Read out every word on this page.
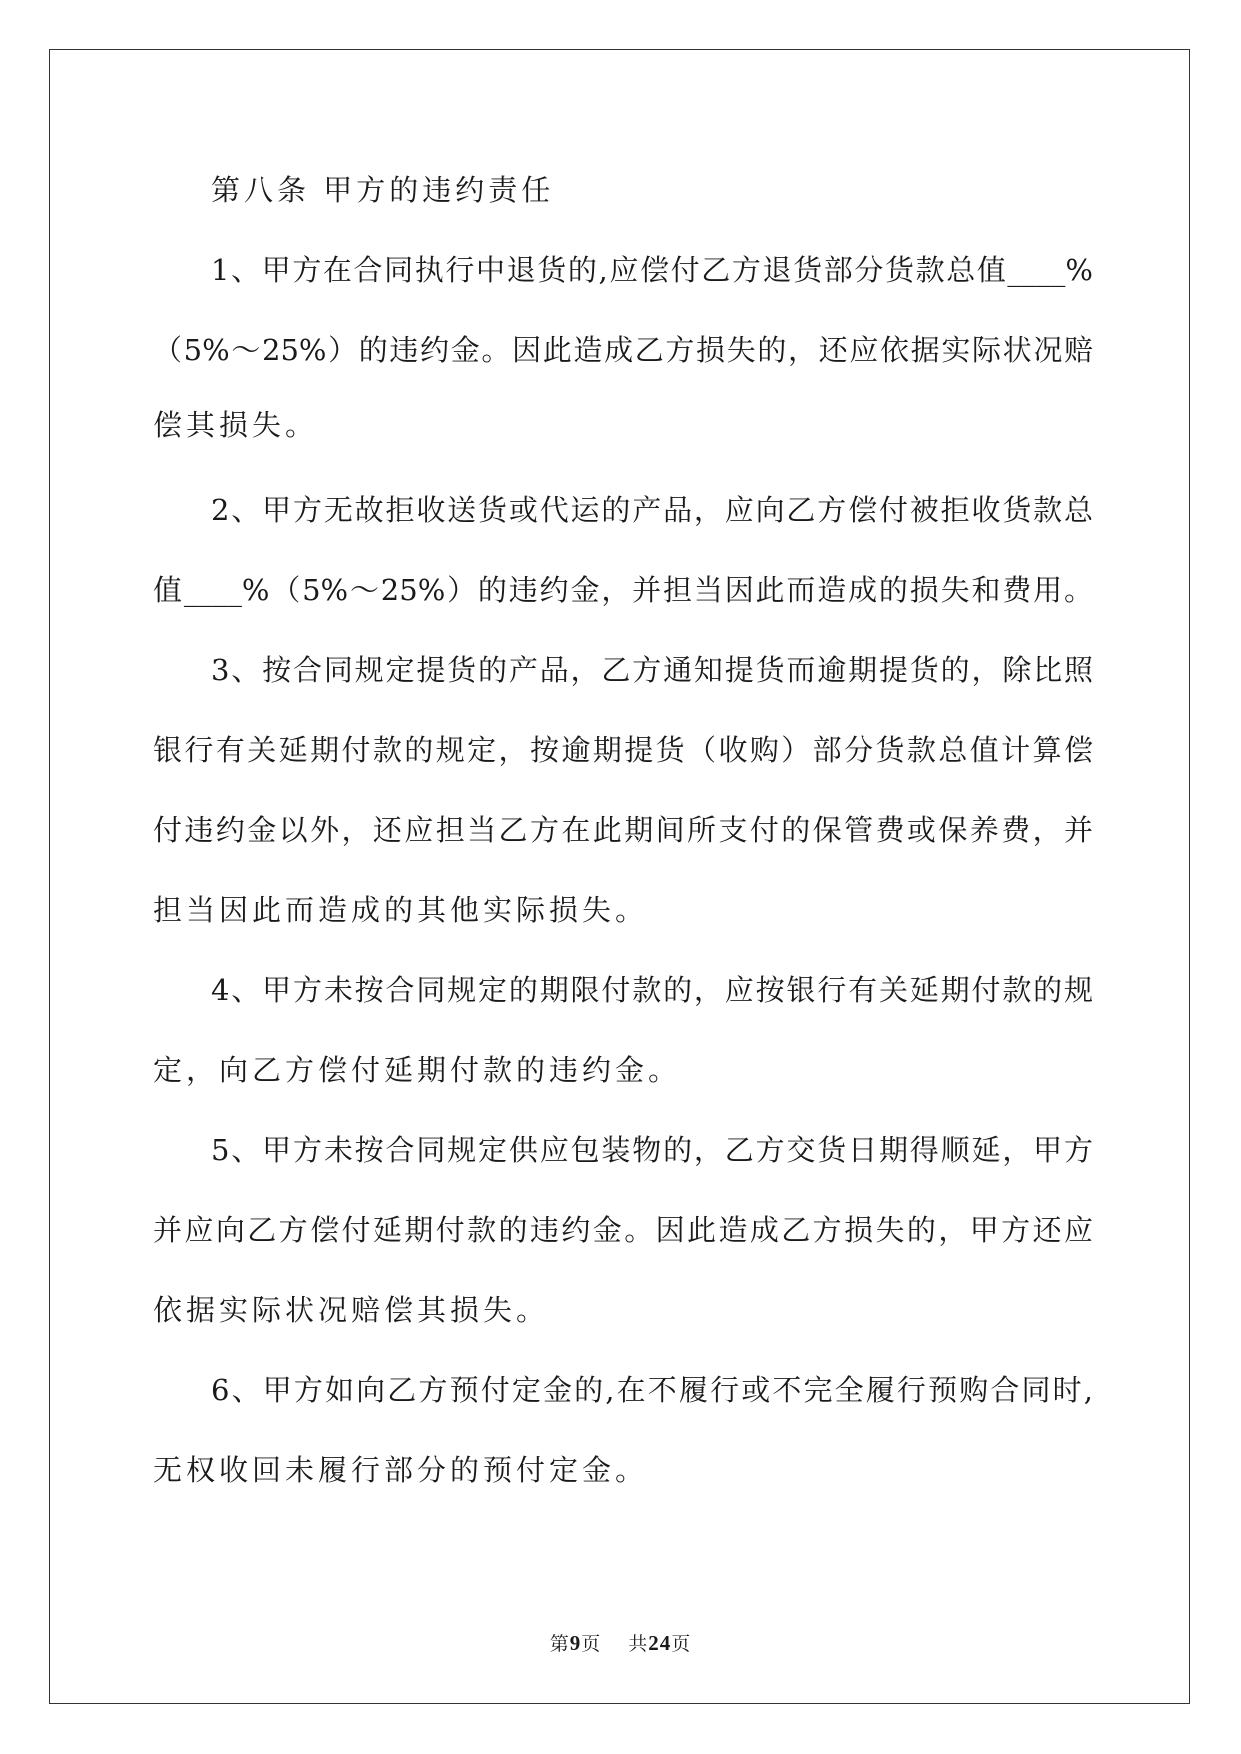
第八条 甲方的违约责任
1、甲方在合同执行中退货的,应偿付乙方退货部分货款总值____%
（5%～25%）的违约金。因此造成乙方损失的，还应依据实际状况赔
偿其损失。
2、甲方无故拒收送货或代运的产品，应向乙方偿付被拒收货款总
值____%（5%～25%）的违约金，并担当因此而造成的损失和费用。
3、按合同规定提货的产品，乙方通知提货而逾期提货的，除比照
银行有关延期付款的规定，按逾期提货（收购）部分货款总值计算偿
付违约金以外，还应担当乙方在此期间所支付的保管费或保养费，并
担当因此而造成的其他实际损失。
4、甲方未按合同规定的期限付款的，应按银行有关延期付款的规
定，向乙方偿付延期付款的违约金。
5、甲方未按合同规定供应包装物的，乙方交货日期得顺延，甲方
并应向乙方偿付延期付款的违约金。因此造成乙方损失的，甲方还应
依据实际状况赔偿其损失。
6、甲方如向乙方预付定金的,在不履行或不完全履行预购合同时,
无权收回未履行部分的预付定金。
第9页 　 共24页
